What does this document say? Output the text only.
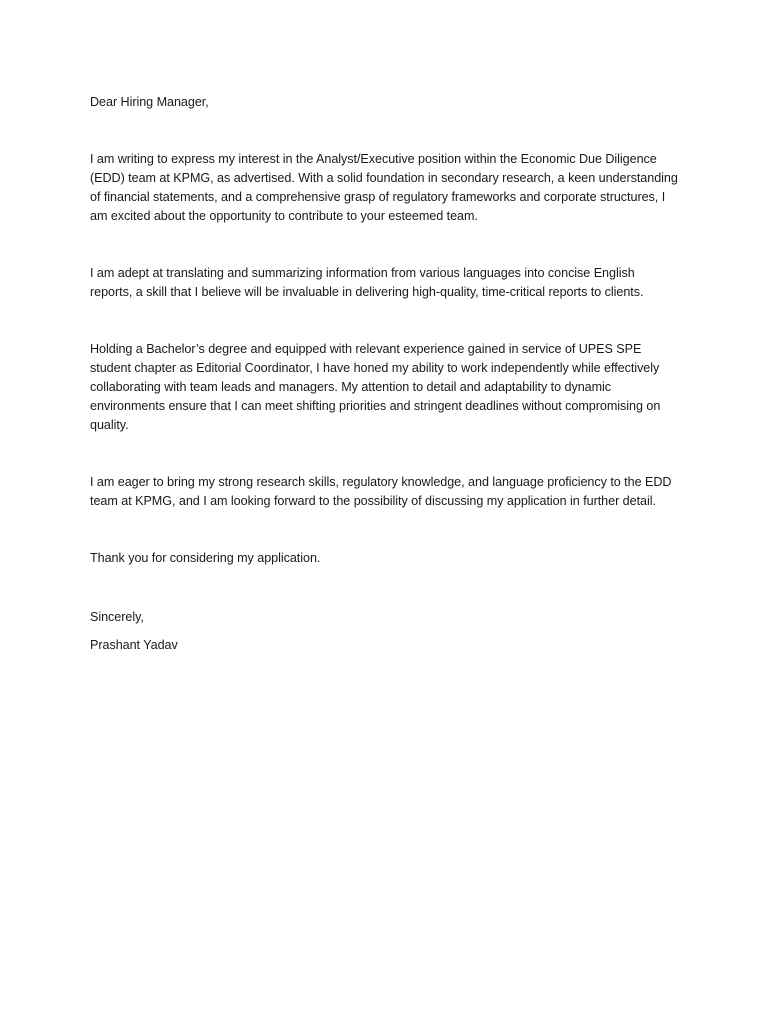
Dear Hiring Manager,

I am writing to express my interest in the Analyst/Executive position within the Economic Due Diligence

(EDD) team at KPMG, as advertised. With a solid foundation in secondary research, a keen understanding

of financial statements, and a comprehensive grasp of regulatory frameworks and corporate structures, I

am excited about the opportunity to contribute to your esteemed team.

I am adept at translating and summarizing information from various languages into concise English

reports, a skill that I believe will be invaluable in delivering high-quality, time-critical reports to clients.

Holding a Bachelor’s degree and equipped with relevant experience gained in service of UPES SPE

student chapter as Editorial Coordinator, I have honed my ability to work independently while effectively

collaborating with team leads and managers. My attention to detail and adaptability to dynamic

environments ensure that I can meet shifting priorities and stringent deadlines without compromising on

quality.

I am eager to bring my strong research skills, regulatory knowledge, and language proficiency to the EDD

team at KPMG, and I am looking forward to the possibility of discussing my application in further detail.

Thank you for considering my application.

Sincerely,

Prashant Yadav
